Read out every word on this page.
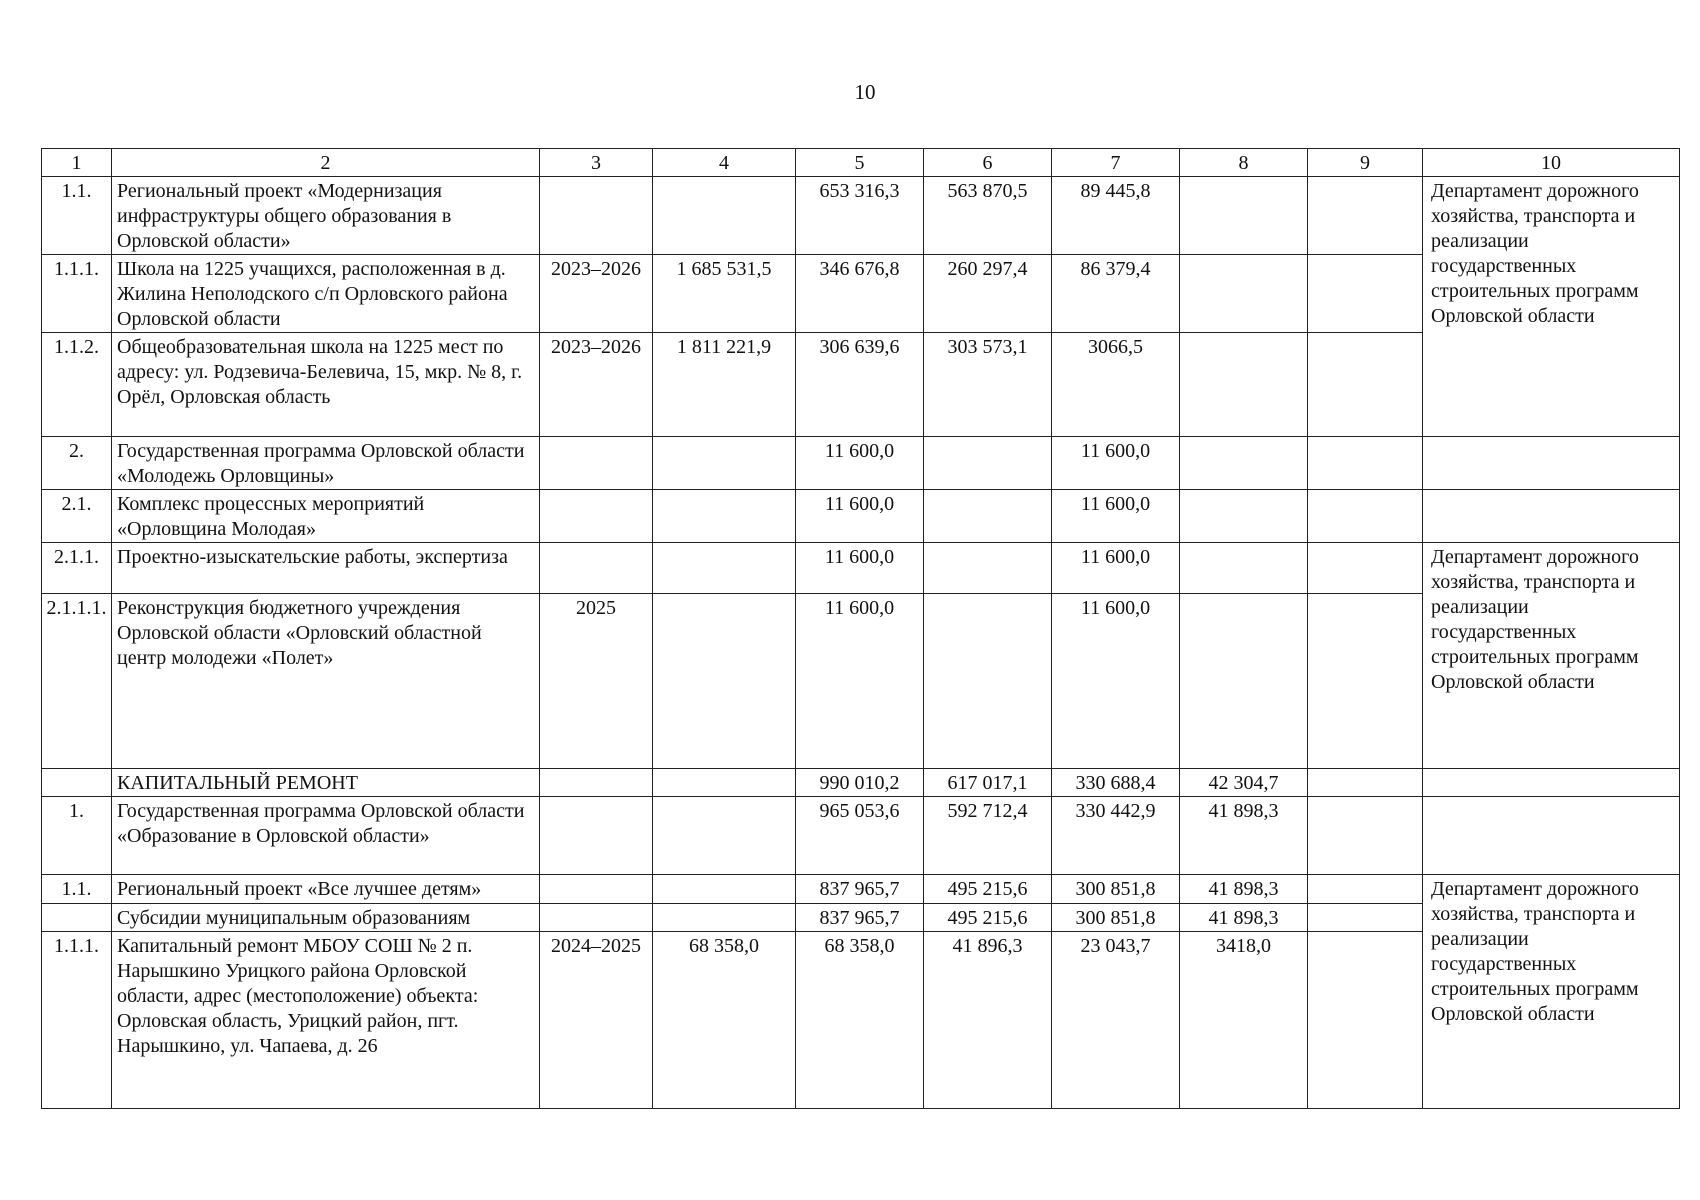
10
1	2	3	4	5	6	7	8	9	10
1.1.	Региональный проект «Модернизация инфраструктуры общего образования в Орловской области»			653 316,3	563 870,5	89 445,8			Департамент дорожного хозяйства, транспорта и реализации государственных строительных программ Орловской области
1.1.1.	Школа на 1225 учащихся, расположенная в д. Жилина Неполодского с/п Орловского района Орловской области	2023–2026	1 685 531,5	346 676,8	260 297,4	86 379,4			
1.1.2.	Общеобразовательная школа на 1225 мест по адресу: ул. Родзевича-Белевича, 15, мкр. № 8, г. Орёл, Орловская область	2023–2026	1 811 221,9	306 639,6	303 573,1	3066,5			
2.	Государственная программа Орловской области «Молодежь Орловщины»			11 600,0		11 600,0			
2.1.	Комплекс процессных мероприятий «Орловщина Молодая»			11 600,0		11 600,0			
2.1.1.	Проектно-изыскательские работы, экспертиза			11 600,0		11 600,0			Департамент дорожного хозяйства, транспорта и реализации государственных строительных программ Орловской области
2.1.1.1.	Реконструкция бюджетного учреждения Орловской области «Орловский областной центр молодежи «Полет»	2025		11 600,0		11 600,0			
	КАПИТАЛЬНЫЙ РЕМОНТ			990 010,2	617 017,1	330 688,4	42 304,7		
1.	Государственная программа Орловской области «Образование в Орловской области»			965 053,6	592 712,4	330 442,9	41 898,3		
1.1.	Региональный проект «Все лучшее детям»			837 965,7	495 215,6	300 851,8	41 898,3		Департамент дорожного хозяйства, транспорта и реализации государственных строительных программ Орловской области
	Субсидии муниципальным образованиям			837 965,7	495 215,6	300 851,8	41 898,3		
1.1.1.	Капитальный ремонт МБОУ СОШ № 2 п. Нарышкино Урицкого района Орловской области, адрес (местоположение) объекта: Орловская область, Урицкий район, пгт. Нарышкино, ул. Чапаева, д. 26	2024–2025	68 358,0	68 358,0	41 896,3	23 043,7	3418,0		
